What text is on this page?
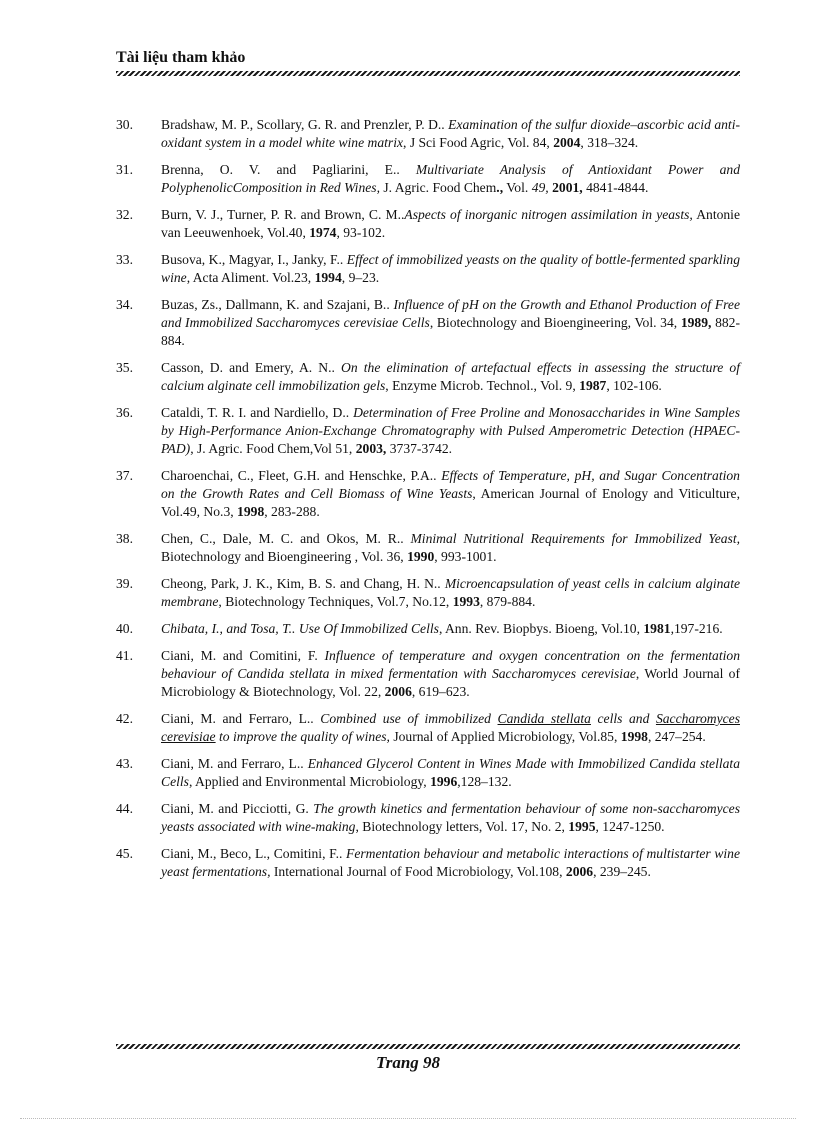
Tài liệu tham khảo
30. Bradshaw, M. P., Scollary, G. R. and Prenzler, P. D.. Examination of the sulfur dioxide–ascorbic acid anti-oxidant system in a model white wine matrix, J Sci Food Agric, Vol. 84, 2004, 318–324.
31. Brenna, O. V. and Pagliarini, E.. Multivariate Analysis of Antioxidant Power and PolyphenolicComposition in Red Wines, J. Agric. Food Chem., Vol. 49, 2001, 4841-4844.
32. Burn, V. J., Turner, P. R. and Brown, C. M..Aspects of inorganic nitrogen assimilation in yeasts, Antonie van Leeuwenhoek, Vol.40, 1974, 93-102.
33. Busova, K., Magyar, I., Janky, F.. Effect of immobilized yeasts on the quality of bottle-fermented sparkling wine, Acta Aliment. Vol.23, 1994, 9–23.
34. Buzas, Zs., Dallmann, K. and Szajani, B.. Influence of pH on the Growth and Ethanol Production of Free and Immobilized Saccharomyces cerevisiae Cells, Biotechnology and Bioengineering, Vol. 34, 1989, 882-884.
35. Casson, D. and Emery, A. N.. On the elimination of artefactual effects in assessing the structure of calcium alginate cell immobilization gels, Enzyme Microb. Technol., Vol. 9, 1987, 102-106.
36. Cataldi, T. R. I. and Nardiello, D.. Determination of Free Proline and Monosaccharides in Wine Samples by High-Performance Anion-Exchange Chromatography with Pulsed Amperometric Detection (HPAEC-PAD), J. Agric. Food Chem,Vol 51, 2003, 3737-3742.
37. Charoenchai, C., Fleet, G.H. and Henschke, P.A.. Effects of Temperature, pH, and Sugar Concentration on the Growth Rates and Cell Biomass of Wine Yeasts, American Journal of Enology and Viticulture, Vol.49, No.3, 1998, 283-288.
38. Chen, C., Dale, M. C. and Okos, M. R.. Minimal Nutritional Requirements for Immobilized Yeast, Biotechnology and Bioengineering , Vol. 36, 1990, 993-1001.
39. Cheong, Park, J. K., Kim, B. S. and Chang, H. N.. Microencapsulation of yeast cells in calcium alginate membrane, Biotechnology Techniques, Vol.7, No.12, 1993, 879-884.
40. Chibata, I., and Tosa, T.. Use Of Immobilized Cells, Ann. Rev. Biopbys. Bioeng, Vol.10, 1981,197-216.
41. Ciani, M. and Comitini, F. Influence of temperature and oxygen concentration on the fermentation behaviour of Candida stellata in mixed fermentation with Saccharomyces cerevisiae, World Journal of Microbiology & Biotechnology, Vol. 22, 2006, 619–623.
42. Ciani, M. and Ferraro, L.. Combined use of immobilized Candida stellata cells and Saccharomyces cerevisiae to improve the quality of wines, Journal of Applied Microbiology, Vol.85, 1998, 247–254.
43. Ciani, M. and Ferraro, L.. Enhanced Glycerol Content in Wines Made with Immobilized Candida stellata Cells, Applied and Environmental Microbiology, 1996,128–132.
44. Ciani, M. and Picciotti, G. The growth kinetics and fermentation behaviour of some non-saccharomyces yeasts associated with wine-making, Biotechnology letters, Vol. 17, No. 2, 1995, 1247-1250.
45. Ciani, M., Beco, L., Comitini, F.. Fermentation behaviour and metabolic interactions of multistarter wine yeast fermentations, International Journal of Food Microbiology, Vol.108, 2006, 239–245.
Trang 98
